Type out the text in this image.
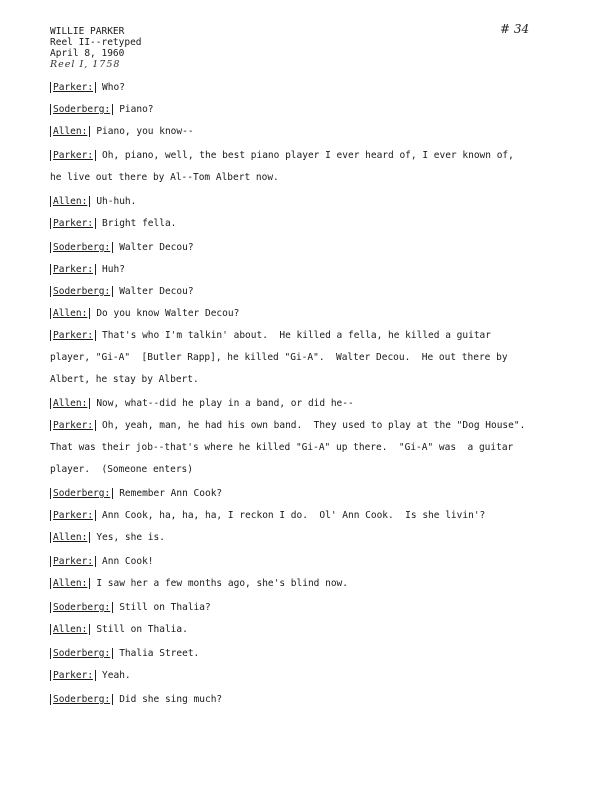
WILLIE PARKER
Reel II--retyped
April 8, 1960
Reel I, 1758
# 34
Parker: Who?
Soderberg: Piano?
Allen: Piano, you know--
Parker: Oh, piano, well, the best piano player I ever heard of, I ever known of,
he live out there by Al--Tom Albert now.
Allen: Uh-huh.
Parker: Bright fella.
Soderberg: Walter Decou?
Parker: Huh?
Soderberg: Walter Decou?
Allen: Do you know Walter Decou?
Parker: That's who I'm talkin' about.  He killed a fella, he killed a guitar
player, "Gi-A"  [Butler Rapp], he killed "Gi-A".  Walter Decou.  He out there by
Albert, he stay by Albert.
Allen: Now, what--did he play in a band, or did he--
Parker: Oh, yeah, man, he had his own band.  They used to play at the "Dog House".
That was their job--that's where he killed "Gi-A" up there.  "Gi-A" was  a guitar
player.  (Someone enters)
Soderberg: Remember Ann Cook?
Parker: Ann Cook, ha, ha, ha, I reckon I do.  Ol' Ann Cook.  Is she livin'?
Allen: Yes, she is.
Parker: Ann Cook!
Allen: I saw her a few months ago, she's blind now.
Soderberg: Still on Thalia?
Allen: Still on Thalia.
Soderberg: Thalia Street.
Parker: Yeah.
Soderberg: Did she sing much?
